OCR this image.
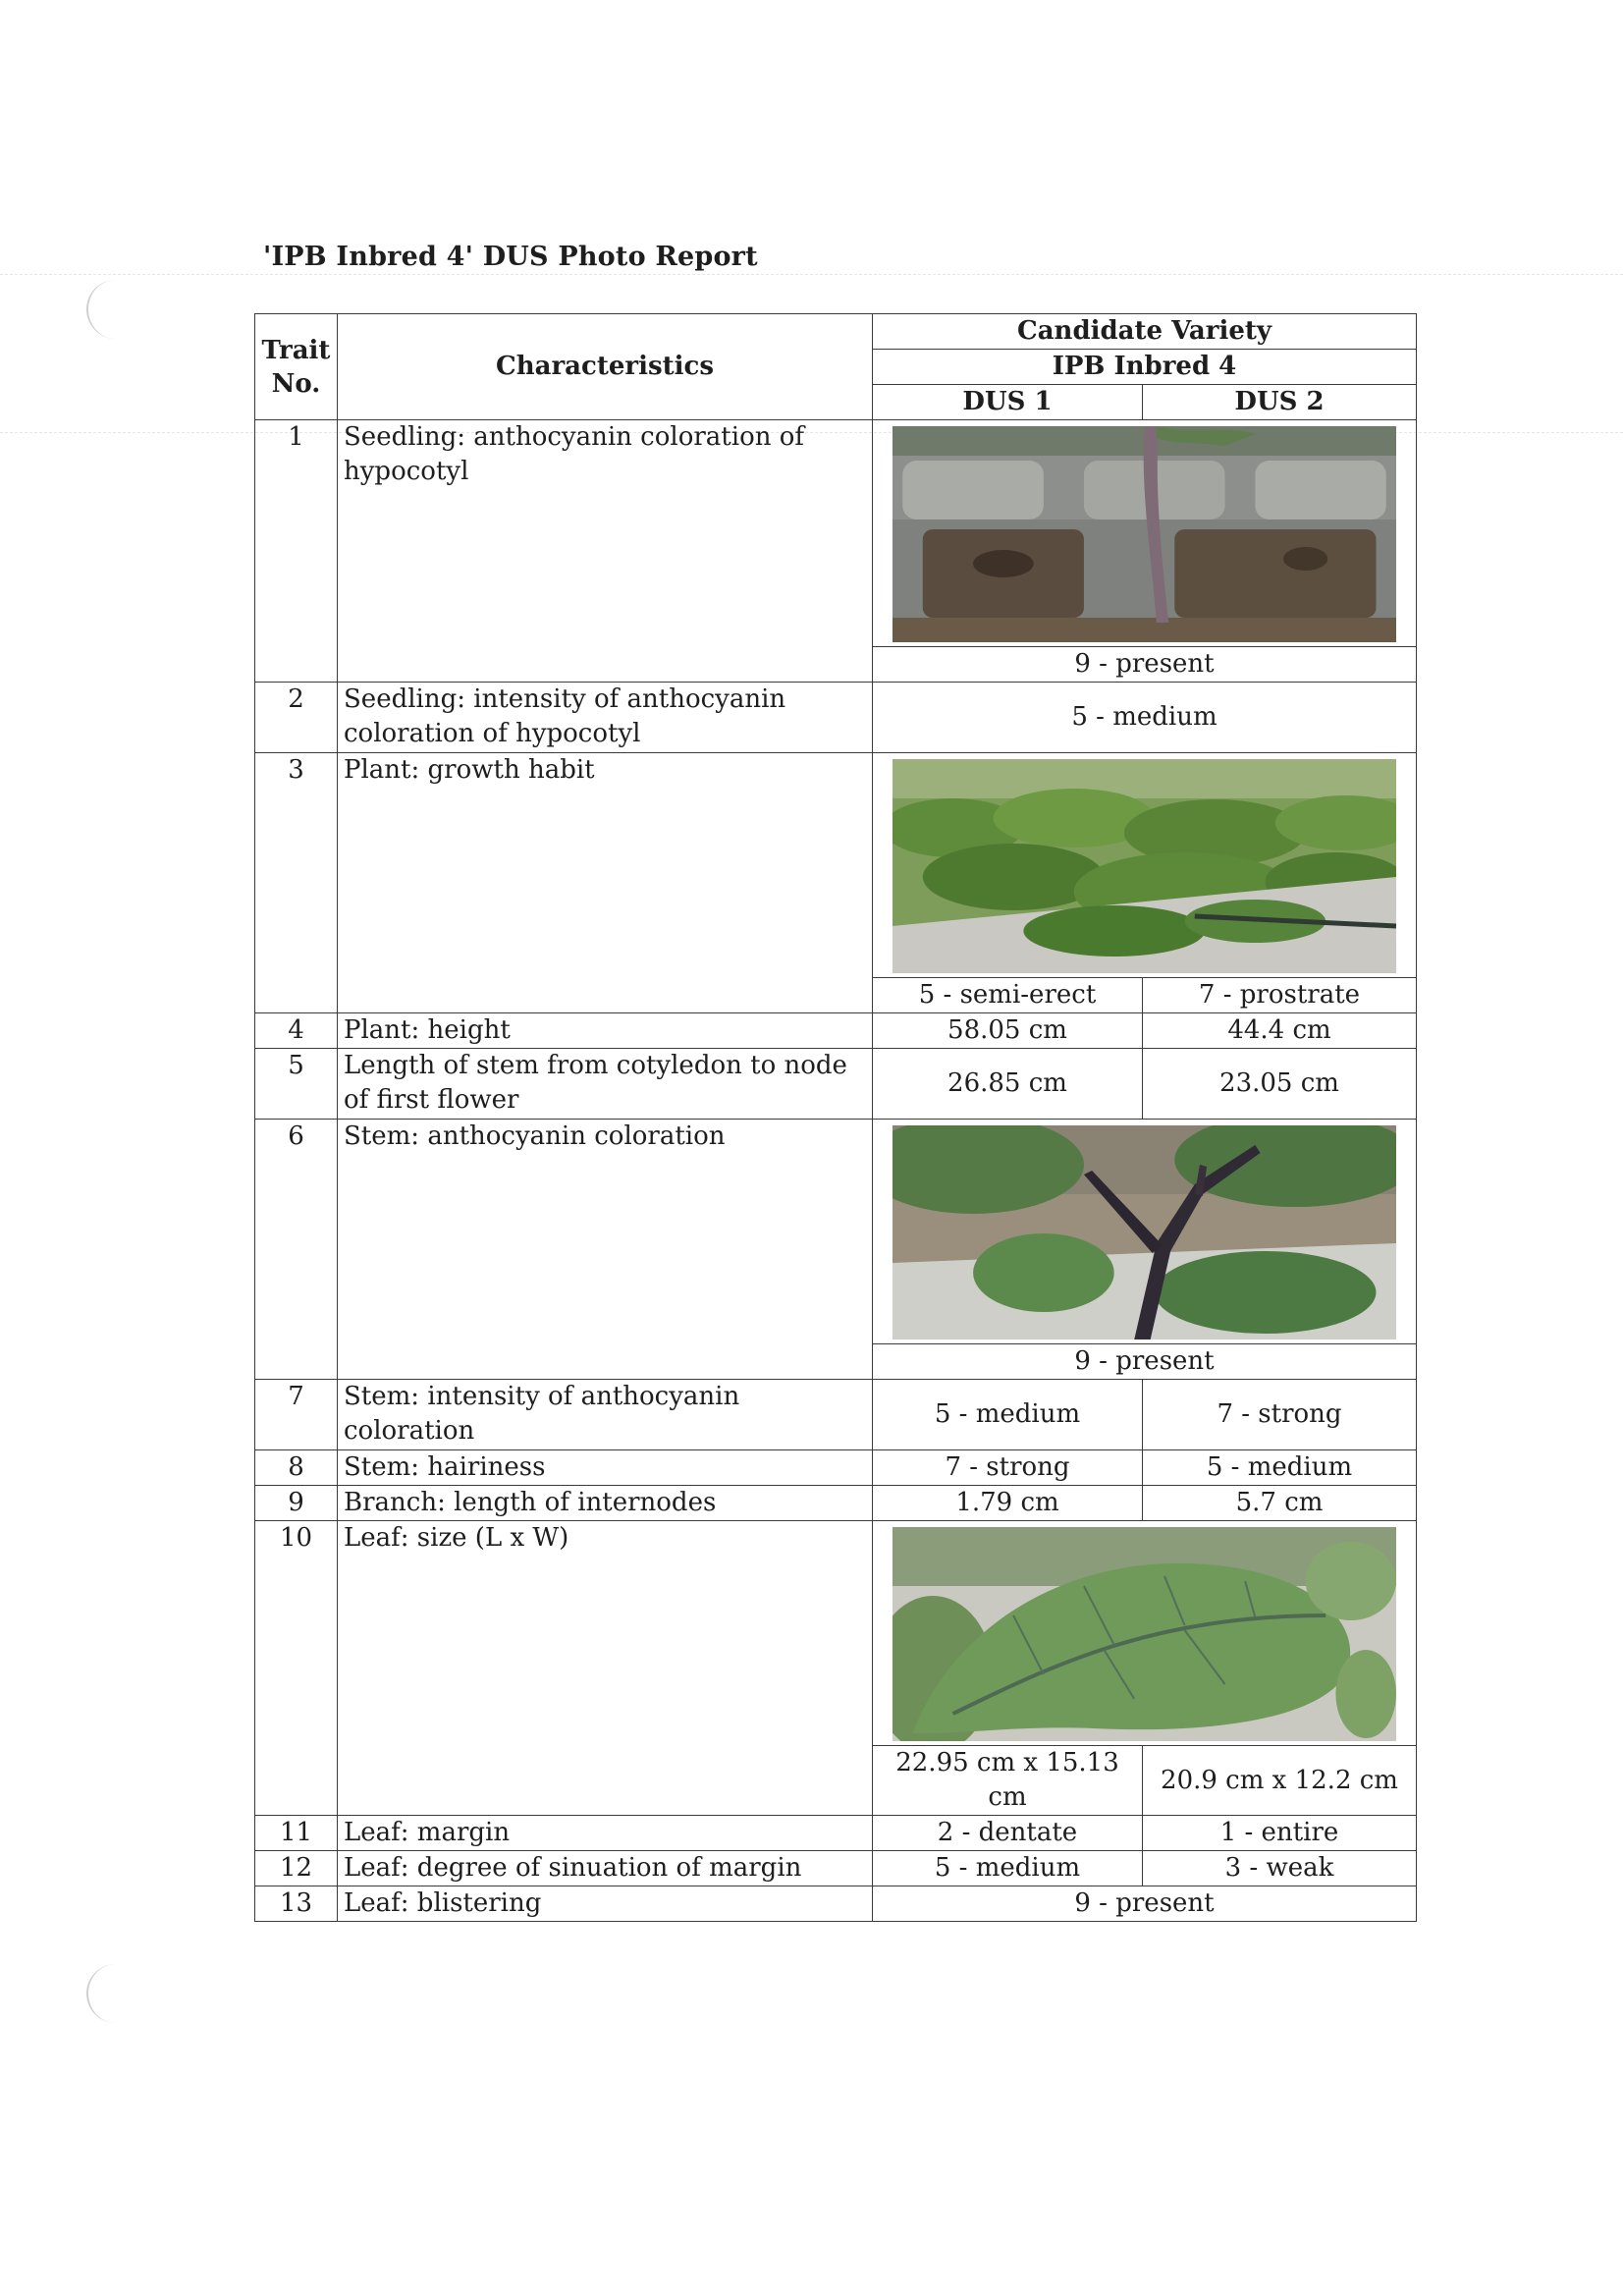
'IPB Inbred 4' DUS Photo Report
Trait No.	Characteristics	Candidate Variety	
		IPB Inbred 4	
		DUS 1	DUS 2
1	Seedling: anthocyanin coloration of hypocotyl	

		9 - present	
2	Seedling: intensity of anthocyanin coloration of hypocotyl	5 - medium	
3	Plant: growth habit	

		5 - semi-erect	7 - prostrate
4	Plant: height	58.05 cm	44.4 cm
5	Length of stem from cotyledon to node of first flower	26.85 cm	23.05 cm
6	Stem: anthocyanin coloration	

		9 - present	
7	Stem: intensity of anthocyanin coloration	5 - medium	7 - strong
8	Stem: hairiness	7 - strong	5 - medium
9	Branch: length of internodes	1.79 cm	5.7 cm
10	Leaf: size (L x W)	

		22.95 cm x 15.13 cm	20.9 cm x 12.2 cm
11	Leaf: margin	2 - dentate	1 - entire
12	Leaf: degree of sinuation of margin	5 - medium	3 - weak
13	Leaf: blistering	9 - present	
